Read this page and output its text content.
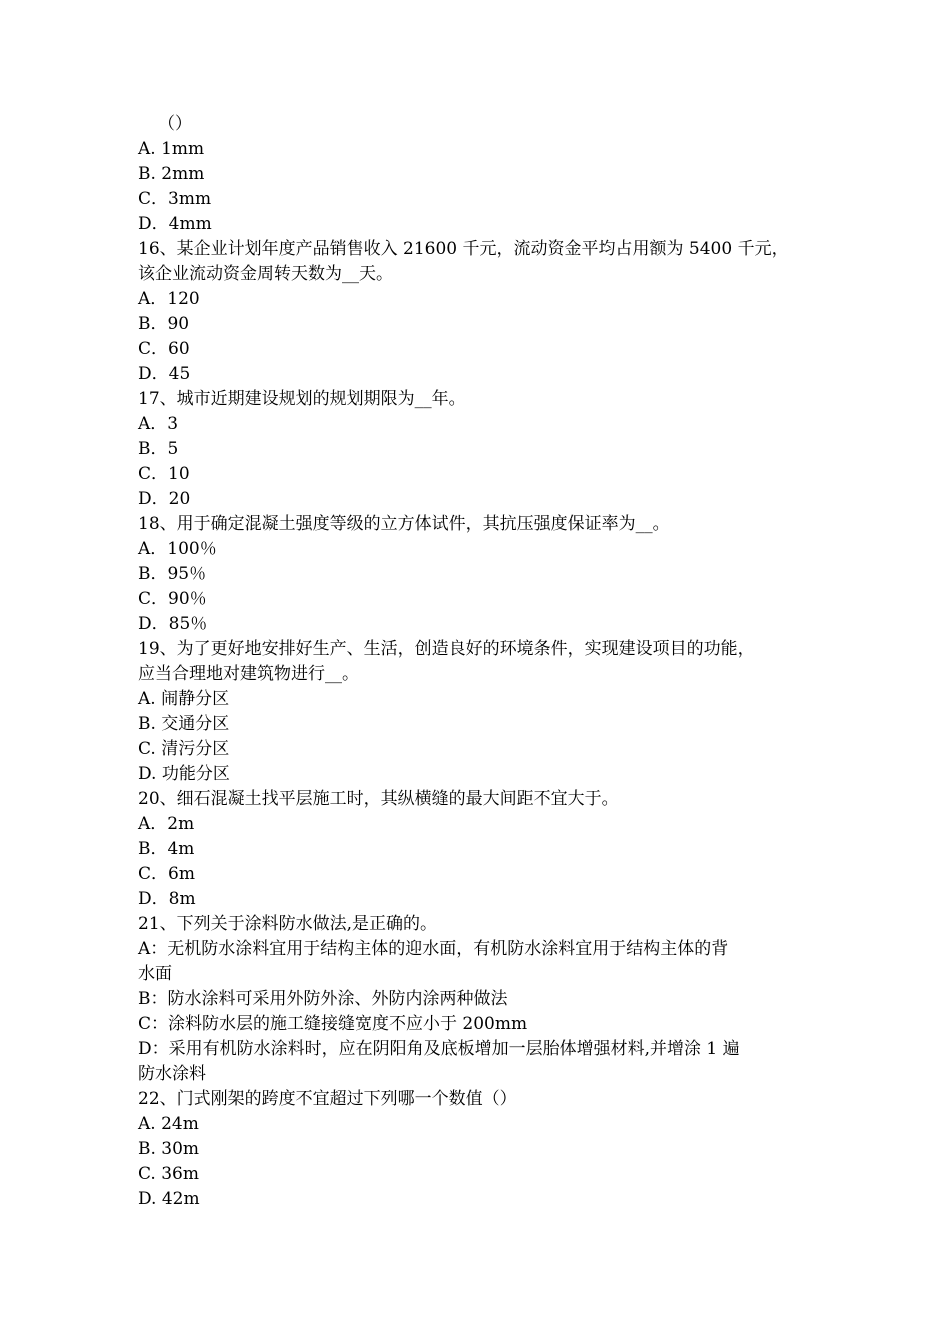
（）
A. 1mm
B. 2mm
C．3mm
D．4mm
16、某企业计划年度产品销售收入 21600 千元，流动资金平均占用额为 5400 千元，
该企业流动资金周转天数为__天。
A．120
B．90
C．60
D．45
17、城市近期建设规划的规划期限为__年。
A．3
B．5
C．10
D．20
18、用于确定混凝土强度等级的立方体试件，其抗压强度保证率为__。
A．100％
B．95％
C．90％
D．85％
19、为了更好地安排好生产、生活，创造良好的环境条件，实现建设项目的功能，
应当合理地对建筑物进行__。
A. 闹静分区
B. 交通分区
C. 清污分区
D. 功能分区
20、细石混凝土找平层施工时，其纵横缝的最大间距不宜大于。
A．2m
B．4m
C．6m
D．8m
21、下列关于涂料防水做法,是正确的。
A：无机防水涂料宜用于结构主体的迎水面，有机防水涂料宜用于结构主体的背
水面
B：防水涂料可采用外防外涂、外防内涂两种做法
C：涂料防水层的施工缝接缝宽度不应小于 200mm
D：采用有机防水涂料时，应在阴阳角及底板增加一层胎体增强材料,并增涂 1 遍
防水涂料
22、门式刚架的跨度不宜超过下列哪一个数值（）
A. 24m
B. 30m
C. 36m
D. 42m
